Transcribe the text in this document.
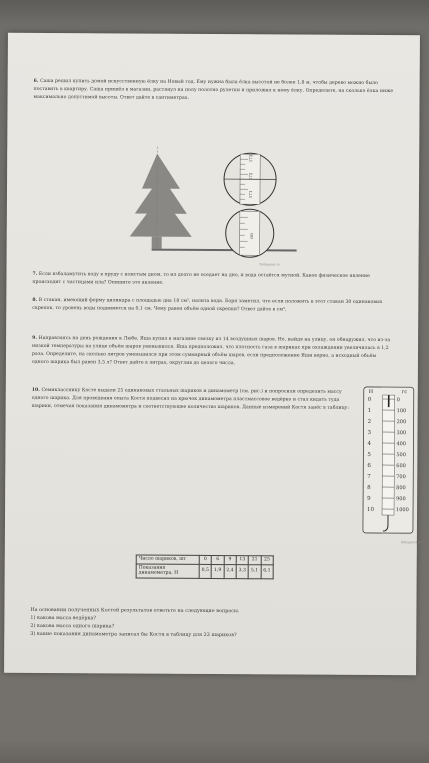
6. Саша решил купить домой искусственную ёлку на Новый год. Ему нужна была ёлка высотой не более 1,8 м, чтобы дерево можно было поставить в квартиру. Саша пришёл в магазин, растянул на полу полотно рулетки и приложил к нему ёлку. Определите, на сколько ёлка ниже максимально допустимой высоты. Ответ дайте в сантиметрах.
173
172
171
cm
fizikaprost.ru
7. Если взбаламутить воду в пруду с илистым дном, то ил долго не оседает на дно, и вода остаётся мутной. Какое физическое явление происходит с частицами ила? Опишите это явление.
8. В стакан, имеющий форму цилиндра с площадью дна 18 см², налита вода. Боря заметил, что если положить в этот стакан 30 одинаковых скрепок, то уровень воды поднимется на 0,1 см. Чему равен объём одной скрепки? Ответ дайте в см³.
9. Направляясь на день рождения к Любе, Яша купил в магазине связку из 14 воздушных шаров. Но, выйдя на улицу, он обнаружил, что из-за низкой температуры на улице объём шаров уменьшился. Яша предположил, что плотность газа в шариках при охлаждении увеличилась в 1,2 раза. Определите, на сколько литров уменьшился при этом суммарный объём шаров, если предположение Яши верно, а исходный объём одного шарика был равен 3,5 л? Ответ дайте в литрах, округлив до целого числа.
10. Семикласснику Косте выдали 25 одинаковых стальных шариков и динамометр (см. рис.) и попросили определить массу одного шарика. Для проведения опыта Костя подвесил на крючок динамометра пластмассовое ведёрко и стал кидать туда шарики, отмечая показания динамометра и соответствующее количество шариков. Данные измерений Костя занёс в таблицу:
Н	гс
0	0
1	100
2	200
3	300
4	400
5	500
6	600
7	700
8	800
9	900
10	1000
fizikaprost.ru
Число шариков, шт	0	6	9	13	21	25
Показания динамометра, Н	0,5	1,9	2,4	3,3	5,1	6,1
На основании полученных Костей результатов ответьте на следующие вопросы.
1) какова масса ведёрка?
2) какова масса одного шарика?
3) какие показания динамометра записал бы Костя в таблицу для 23 шариков?
